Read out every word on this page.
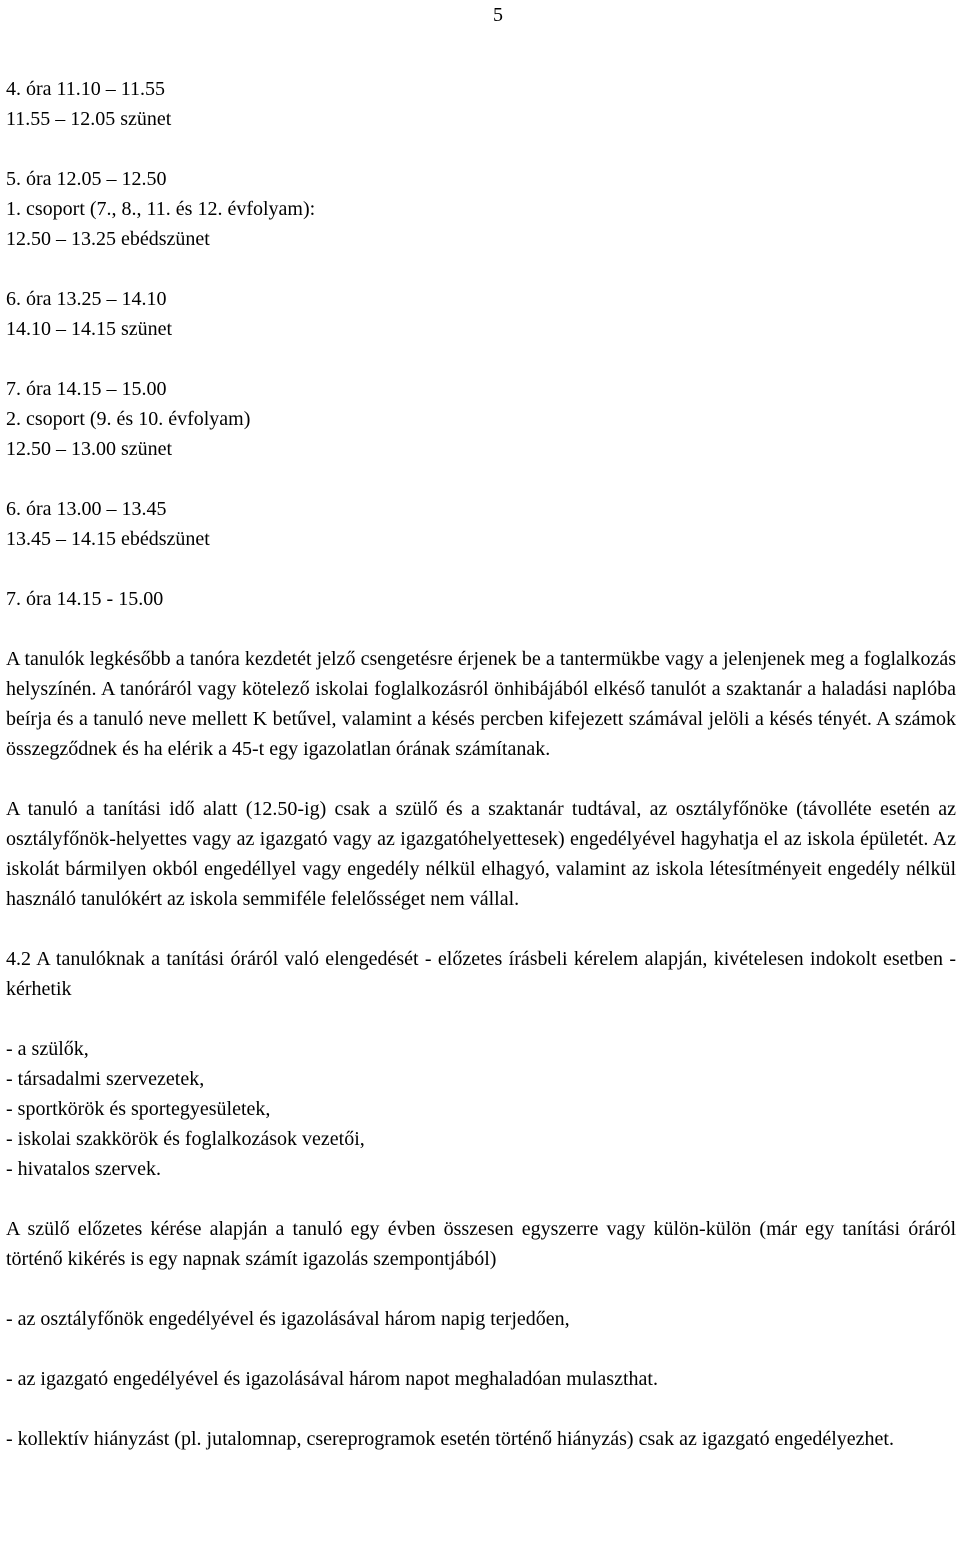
5
4. óra 11.10 – 11.55
11.55 – 12.05 szünet
5. óra 12.05 – 12.50
1. csoport (7., 8., 11. és 12. évfolyam):
12.50 – 13.25 ebédszünet
6. óra 13.25 – 14.10
14.10 – 14.15 szünet
7. óra 14.15 – 15.00
2. csoport (9. és 10. évfolyam)
12.50 – 13.00 szünet
6. óra 13.00 – 13.45
13.45 – 14.15 ebédszünet
7. óra 14.15 - 15.00

A tanulók legkésőbb a tanóra kezdetét jelző csengetésre érjenek be a tantermükbe vagy a jelenjenek meg a foglalkozás helyszínén. A tanóráról vagy kötelező iskolai foglalkozásról önhibájából elkéső tanulót a szaktanár a haladási naplóba beírja és a tanuló neve mellett K betűvel, valamint a késés percben kifejezett számával jelöli a késés tényét. A számok összegződnek és ha elérik a 45-t egy igazolatlan órának számítanak.

A tanuló a tanítási idő alatt (12.50-ig) csak a szülő és a szaktanár tudtával, az osztályfőnöke (távolléte esetén az osztályfőnök-helyettes vagy az igazgató vagy az igazgatóhelyettesek) engedélyével hagyhatja el az iskola épületét. Az iskolát bármilyen okból engedéllyel vagy engedély nélkül elhagyó, valamint az iskola létesítményeit engedély nélkül használó tanulókért az iskola semmiféle felelősséget nem vállal.

4.2 A tanulóknak a tanítási óráról való elengedését - előzetes írásbeli kérelem alapján, kivételesen indokolt esetben - kérhetik

- a szülők,
- társadalmi szervezetek,
- sportkörök és sportegyesületek,
- iskolai szakkörök és foglalkozások vezetői,
- hivatalos szervek.

A szülő előzetes kérése alapján a tanuló egy évben összesen egyszerre vagy külön-külön (már egy tanítási óráról történő kikérés is egy napnak számít igazolás szempontjából)

- az osztályfőnök engedélyével és igazolásával három napig terjedően,
- az igazgató engedélyével és igazolásával három napot meghaladóan mulaszthat.

- kollektív hiányzást (pl. jutalomnap, csereprogramok esetén történő hiányzás) csak az igazgató engedélyezhet.
